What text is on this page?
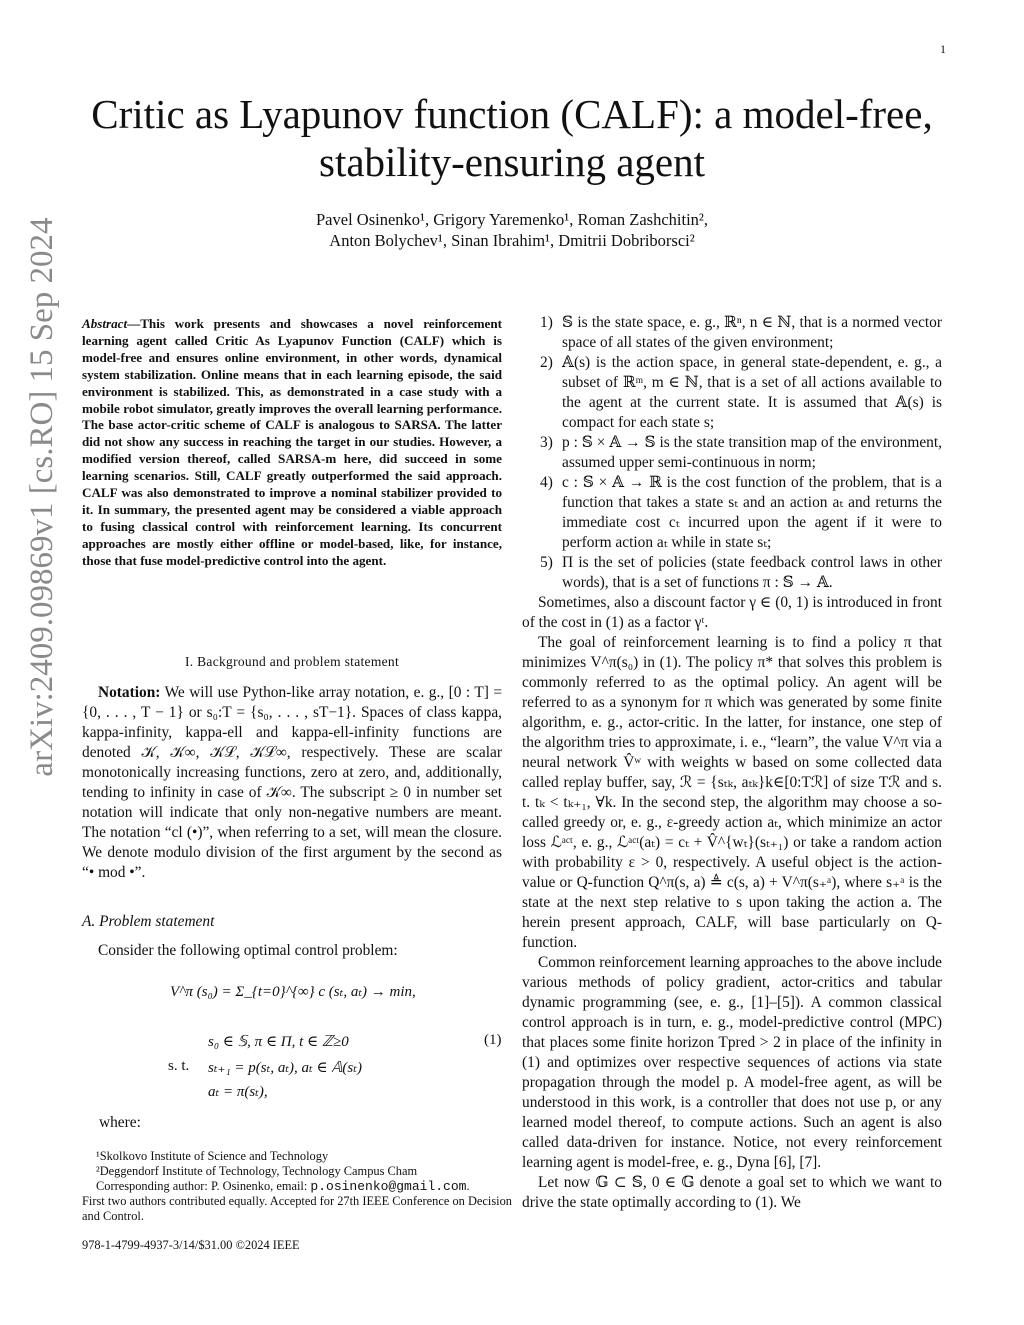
1
Critic as Lyapunov function (CALF): a model-free, stability-ensuring agent
Pavel Osinenko¹, Grigory Yaremenko¹, Roman Zashchitin²,
Anton Bolychev¹, Sinan Ibrahim¹, Dmitrii Dobriborsci²
arXiv:2409.09869v1 [cs.RO] 15 Sep 2024	Abstract—This work presents and showcases a novel reinforcement learning agent called Critic As Lyapunov Function (CALF) which is model-free and ensures online environment, in other words, dynamical system stabilization. Online means that in each learning episode, the said environment is stabilized. This, as demonstrated in a case study with a mobile robot simulator, greatly improves the overall learning performance. The base actor-critic scheme of CALF is analogous to SARSA. The latter did not show any success in reaching the target in our studies. However, a modified version thereof, called SARSA-m here, did succeed in some learning scenarios. Still, CALF greatly outperformed the said approach. CALF was also demonstrated to improve a nominal stabilizer provided to it. In summary, the presented agent may be considered a viable approach to fusing classical control with reinforcement learning. Its concurrent approaches are mostly either offline or model-based, like, for instance, those that fuse model-predictive control into the agent.
I. Background and problem statement
Notation: We will use Python-like array notation, e. g., [0 : T] = {0, . . . , T − 1} or s₀:T = {s₀, . . . , sT−1}. Spaces of class kappa, kappa-infinity, kappa-ell and kappa-ell-infinity functions are denoted 𝒦, 𝒦∞, 𝒦ℒ, 𝒦ℒ∞, respectively. These are scalar monotonically increasing functions, zero at zero, and, additionally, tending to infinity in case of 𝒦∞. The subscript ≥ 0 in number set notation will indicate that only non-negative numbers are meant. The notation “cl (•)”, when referring to a set, will mean the closure. We denote modulo division of the first argument by the second as “• mod •”.
A. Problem statement
Consider the following optimal control problem:
V^π (s₀) = Σ_{t=0}^{∞} c (sₜ, aₜ) → min,
s₀ ∈ 𝕊, π ∈ Π, t ∈ ℤ≥0	(1)
s. t. sₜ₊₁ = p(sₜ, aₜ), aₜ ∈ 𝔸(sₜ)
aₜ = π(sₜ),
where:
¹Skolkovo Institute of Science and Technology
²Deggendorf Institute of Technology, Technology Campus Cham
Corresponding author: P. Osinenko, email: p.osinenko@gmail.com.
First two authors contributed equally. Accepted for 27th IEEE Conference on Decision and Control.
978-1-4799-4937-3/14/$31.00 ©2024 IEEE
1) 𝕊 is the state space, e. g., ℝⁿ, n ∈ ℕ, that is a normed vector space of all states of the given environment;
2) 𝔸(s) is the action space, in general state-dependent, e. g., a subset of ℝᵐ, m ∈ ℕ, that is a set of all actions available to the agent at the current state. It is assumed that 𝔸(s) is compact for each state s;
3) p : 𝕊 × 𝔸 → 𝕊 is the state transition map of the environment, assumed upper semi-continuous in norm;
4) c : 𝕊 × 𝔸 → ℝ is the cost function of the problem, that is a function that takes a state sₜ and an action aₜ and returns the immediate cost cₜ incurred upon the agent if it were to perform action aₜ while in state sₜ;
5) Π is the set of policies (state feedback control laws in other words), that is a set of functions π : 𝕊 → 𝔸.
Sometimes, also a discount factor γ ∈ (0, 1) is introduced in front of the cost in (1) as a factor γᵗ.
The goal of reinforcement learning is to find a policy π that minimizes V^π(s₀) in (1). The policy π* that solves this problem is commonly referred to as the optimal policy. An agent will be referred to as a synonym for π which was generated by some finite algorithm, e. g., actor-critic. In the latter, for instance, one step of the algorithm tries to approximate, i. e., “learn”, the value V^π via a neural network V̂ʷ with weights w based on some collected data called replay buffer, say, ℛ = {sₜₖ, aₜₖ}k∈[0:Tℛ] of size Tℛ and s. t. tₖ < tₖ₊₁, ∀k. In the second step, the algorithm may choose a so-called greedy or, e. g., ε-greedy action aₜ, which minimize an actor loss ℒᵃᶜᵗ, e. g., ℒᵃᶜᵗ(aₜ) = cₜ + V̂^{wₜ}(sₜ₊₁) or take a random action with probability ε > 0, respectively. A useful object is the action-value or Q-function Q^π(s, a) ≜ c(s, a) + V^π(s₊ᵃ), where s₊ᵃ is the state at the next step relative to s upon taking the action a. The herein present approach, CALF, will base particularly on Q-function.
Common reinforcement learning approaches to the above include various methods of policy gradient, actor-critics and tabular dynamic programming (see, e. g., [1]–[5]). A common classical control approach is in turn, e. g., model-predictive control (MPC) that places some finite horizon Tpred > 2 in place of the infinity in (1) and optimizes over respective sequences of actions via state propagation through the model p. A model-free agent, as will be understood in this work, is a controller that does not use p, or any learned model thereof, to compute actions. Such an agent is also called data-driven for instance. Notice, not every reinforcement learning agent is model-free, e. g., Dyna [6], [7].
Let now 𝔾 ⊂ 𝕊, 0 ∈ 𝔾 denote a goal set to which we want to drive the state optimally according to (1). We
